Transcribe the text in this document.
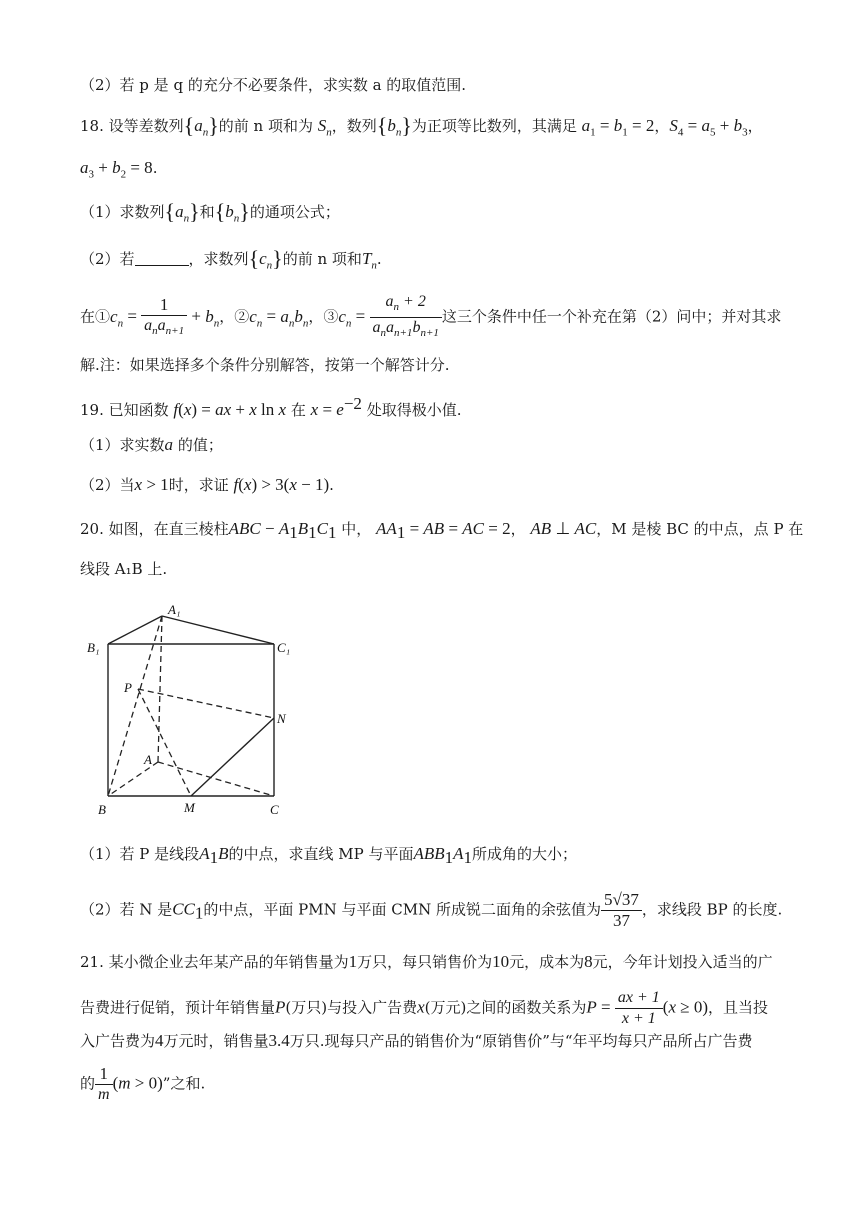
（2）若 p 是 q 的充分不必要条件，求实数 a 的取值范围.
18. 设等差数列$\{a_n\}$的前 n 项和为 $S_n$，数列$\{b_n\}$为正项等比数列，其满足 $a_1 = b_1 = 2$，$S_4 = a_5 + b_3$，
$a_3 + b_2 = 8$.
（1）求数列$\{a_n\}$和$\{b_n\}$的通项公式；
（2）若	，求数列$\{c_n\}$的前 n 项和$T_n$.
在$①c_n = \frac{1}{a_na_{n+1}} + b_n$，$②c_n = a_nb_n$，$③c_n = \frac{a_n + 2}{a_na_{n+1}b_{n+1}}$ 这三个条件中任一个补充在第（2）问中；并对其求
解.注：如果选择多个条件分别解答，按第一个解答计分.
19. 已知函数 f(x) = ax + x ln x 在 $x = e^{-2}$ 处取得极小值.
（1）求实数a 的值；
（2）当x > 1时，求证 f(x) > 3(x − 1).
20. 如图，在直三棱柱ABC − $A_1B_1C_1$ 中， $AA_1$ = AB = AC = 2， AB ⊥ AC，M 是棱 BC 的中点，点 P 在
线段 A₁B 上.
A₁
B₁	C₁
P
N
A
B	M	C
（1）若 P 是线段$A_1B$的中点，求直线 MP 与平面$ABB_1A_1$所成角的大小；
（2）若 N 是$CC_1$的中点，平面 PMN 与平面 CMN 所成锐二面角的余弦值为 $\frac{5√37}{37}$ ，求线段 BP 的长度.
21. 某小微企业去年某产品的年销售量为1万只，每只销售价为10元，成本为8元，今年计划投入适当的广
告费进行促销，预计年销售量P(万只)与投入广告费x(万元)之间的函数关系为$P = \frac{ax + 1}{x + 1} (x \ge 0)$，且当投
入广告费为4万元时，销售量3.4万只.现每只产品的销售价为“原销售价”与“年平均每只产品所占广告费
的 $\frac{1}{m} (m > 0)$”之和.
